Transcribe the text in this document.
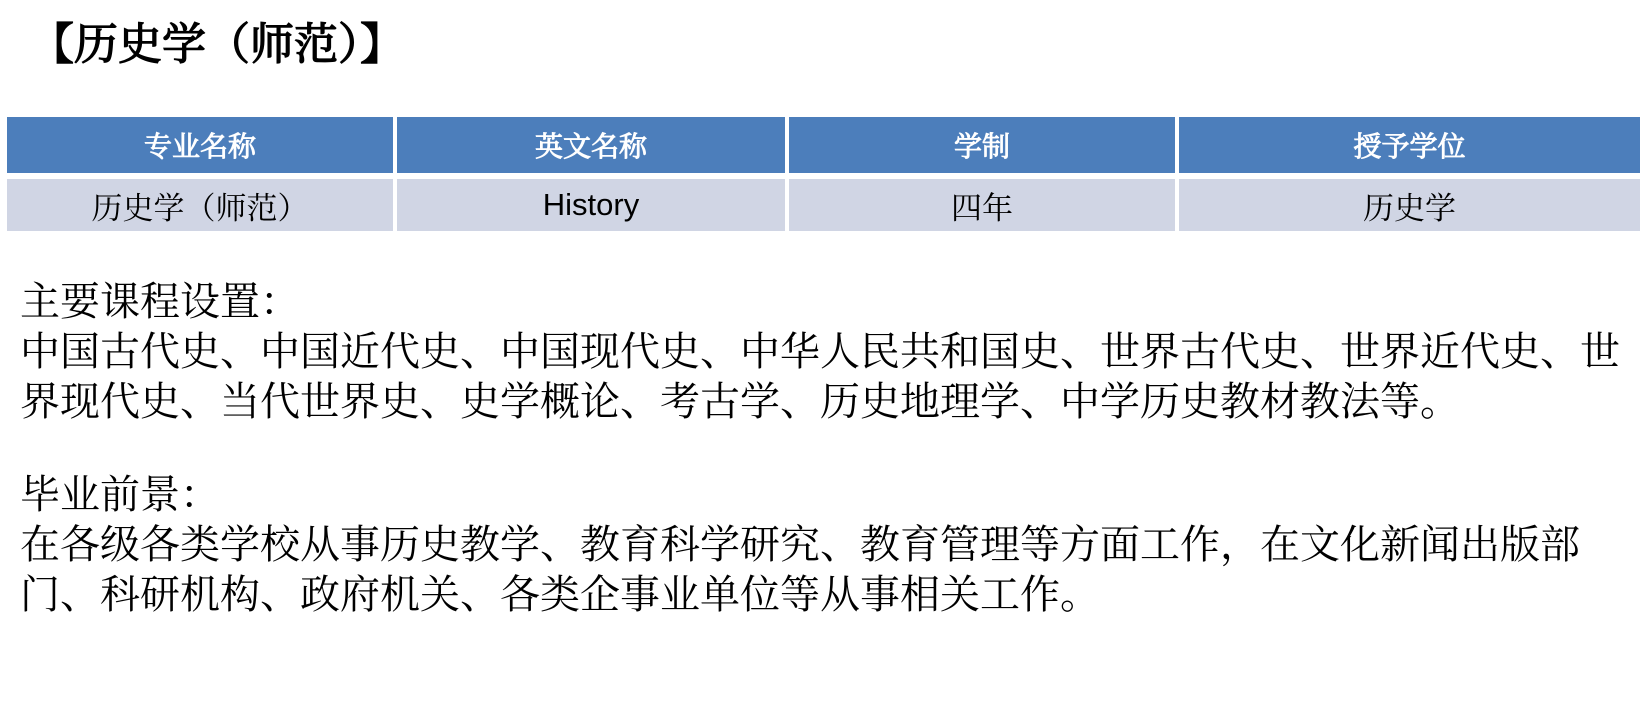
【历史学（师范）】
专业名称	英文名称	学制	授予学位
历史学（师范）	History	四年	历史学
主要课程设置：
中国古代史、中国近代史、中国现代史、中华人民共和国史、世界古代史、世界近代史、世界现代史、当代世界史、史学概论、考古学、历史地理学、中学历史教材教法等。
毕业前景：
在各级各类学校从事历史教学、教育科学研究、教育管理等方面工作，在文化新闻出版部门、科研机构、政府机关、各类企事业单位等从事相关工作。
